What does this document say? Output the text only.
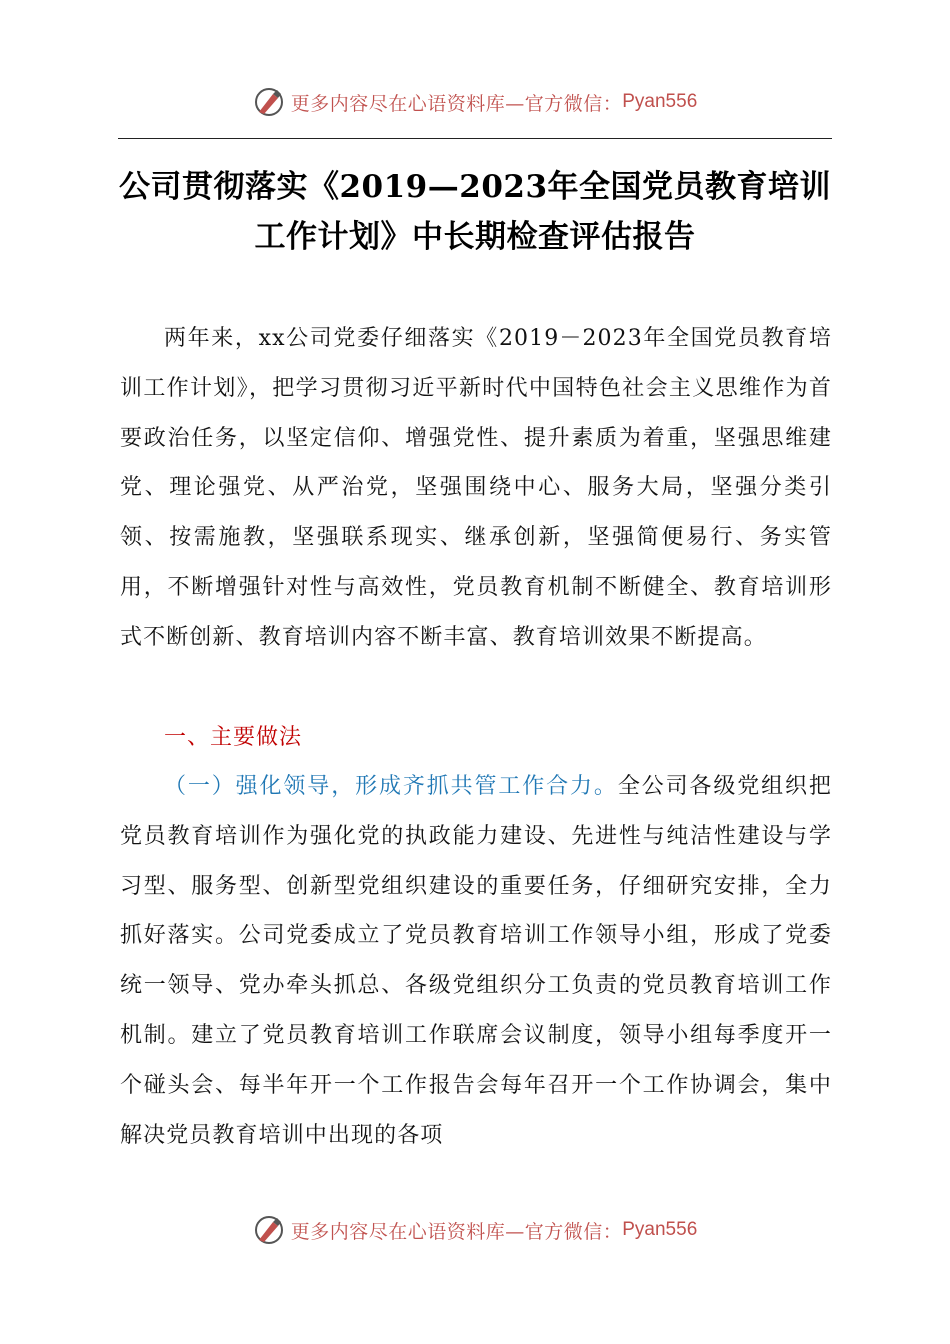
更多内容尽在心语资料库—官方微信： Pyan556
公司贯彻落实《2019—2023年全国党员教育培训工作计划》中长期检查评估报告

两年来，xx公司党委仔细落实《2019－2023年全国党员教育培训工作计划》，把学习贯彻习近平新时代中国特色社会主义思维作为首要政治任务，以坚定信仰、增强党性、提升素质为着重，坚强思维建党、理论强党、从严治党，坚强围绕中心、服务大局，坚强分类引领、按需施教，坚强联系现实、继承创新，坚强简便易行、务实管用，不断增强针对性与高效性，党员教育机制不断健全、教育培训形式不断创新、教育培训内容不断丰富、教育培训效果不断提高。

一、主要做法

（一）强化领导，形成齐抓共管工作合力。全公司各级党组织把党员教育培训作为强化党的执政能力建设、先进性与纯洁性建设与学习型、服务型、创新型党组织建设的重要任务，仔细研究安排，全力抓好落实。公司党委成立了党员教育培训工作领导小组，形成了党委统一领导、党办牵头抓总、各级党组织分工负责的党员教育培训工作机制。建立了党员教育培训工作联席会议制度，领导小组每季度开一个碰头会、每半年开一个工作报告会每年召开一个工作协调会，集中解决党员教育培训中出现的各项

更多内容尽在心语资料库—官方微信： Pyan556
